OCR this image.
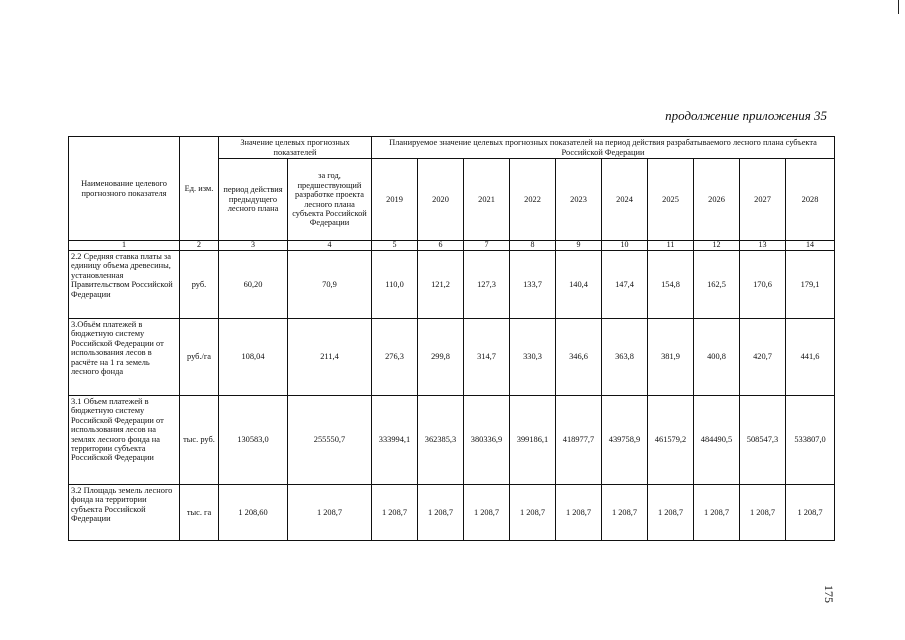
продолжение приложения 35
Наименование целевого прогнозного показателя	Ед. изм.	Значение целевых прогнозных показателей		Планируемое значение целевых прогнозных показателей на период действия разрабатываемого лесного плана субъекта Российской Федерации									
		период действия предыдущего лесного плана	за год, предшествующий разработке проекта лесного плана субъекта Российской Федерации	2019	2020	2021	2022	2023	2024	2025	2026	2027	2028
1	2	3	4	5	6	7	8	9	10	11	12	13	14
2.2 Средняя ставка платы за единицу объема древесины, установленная Правительством Российской Федерации	руб.	60,20	70,9	110,0	121,2	127,3	133,7	140,4	147,4	154,8	162,5	170,6	179,1
3.Объём платежей в бюджетную систему Российской Федерации от использования лесов в расчёте на 1 га земель лесного фонда	руб./га	108,04	211,4	276,3	299,8	314,7	330,3	346,6	363,8	381,9	400,8	420,7	441,6
3.1 Объем платежей в бюджетную систему Российской Федерации от использования лесов на землях лесного фонда на территории субъекта Российской Федерации	тыс. руб.	130583,0	255550,7	333994,1	362385,3	380336,9	399186,1	418977,7	439758,9	461579,2	484490,5	508547,3	533807,0
3.2 Площадь земель лесного фонда на территории субъекта Российской Федерации	тыс. га	1 208,60	1 208,7	1 208,7	1 208,7	1 208,7	1 208,7	1 208,7	1 208,7	1 208,7	1 208,7	1 208,7	1 208,7
175
